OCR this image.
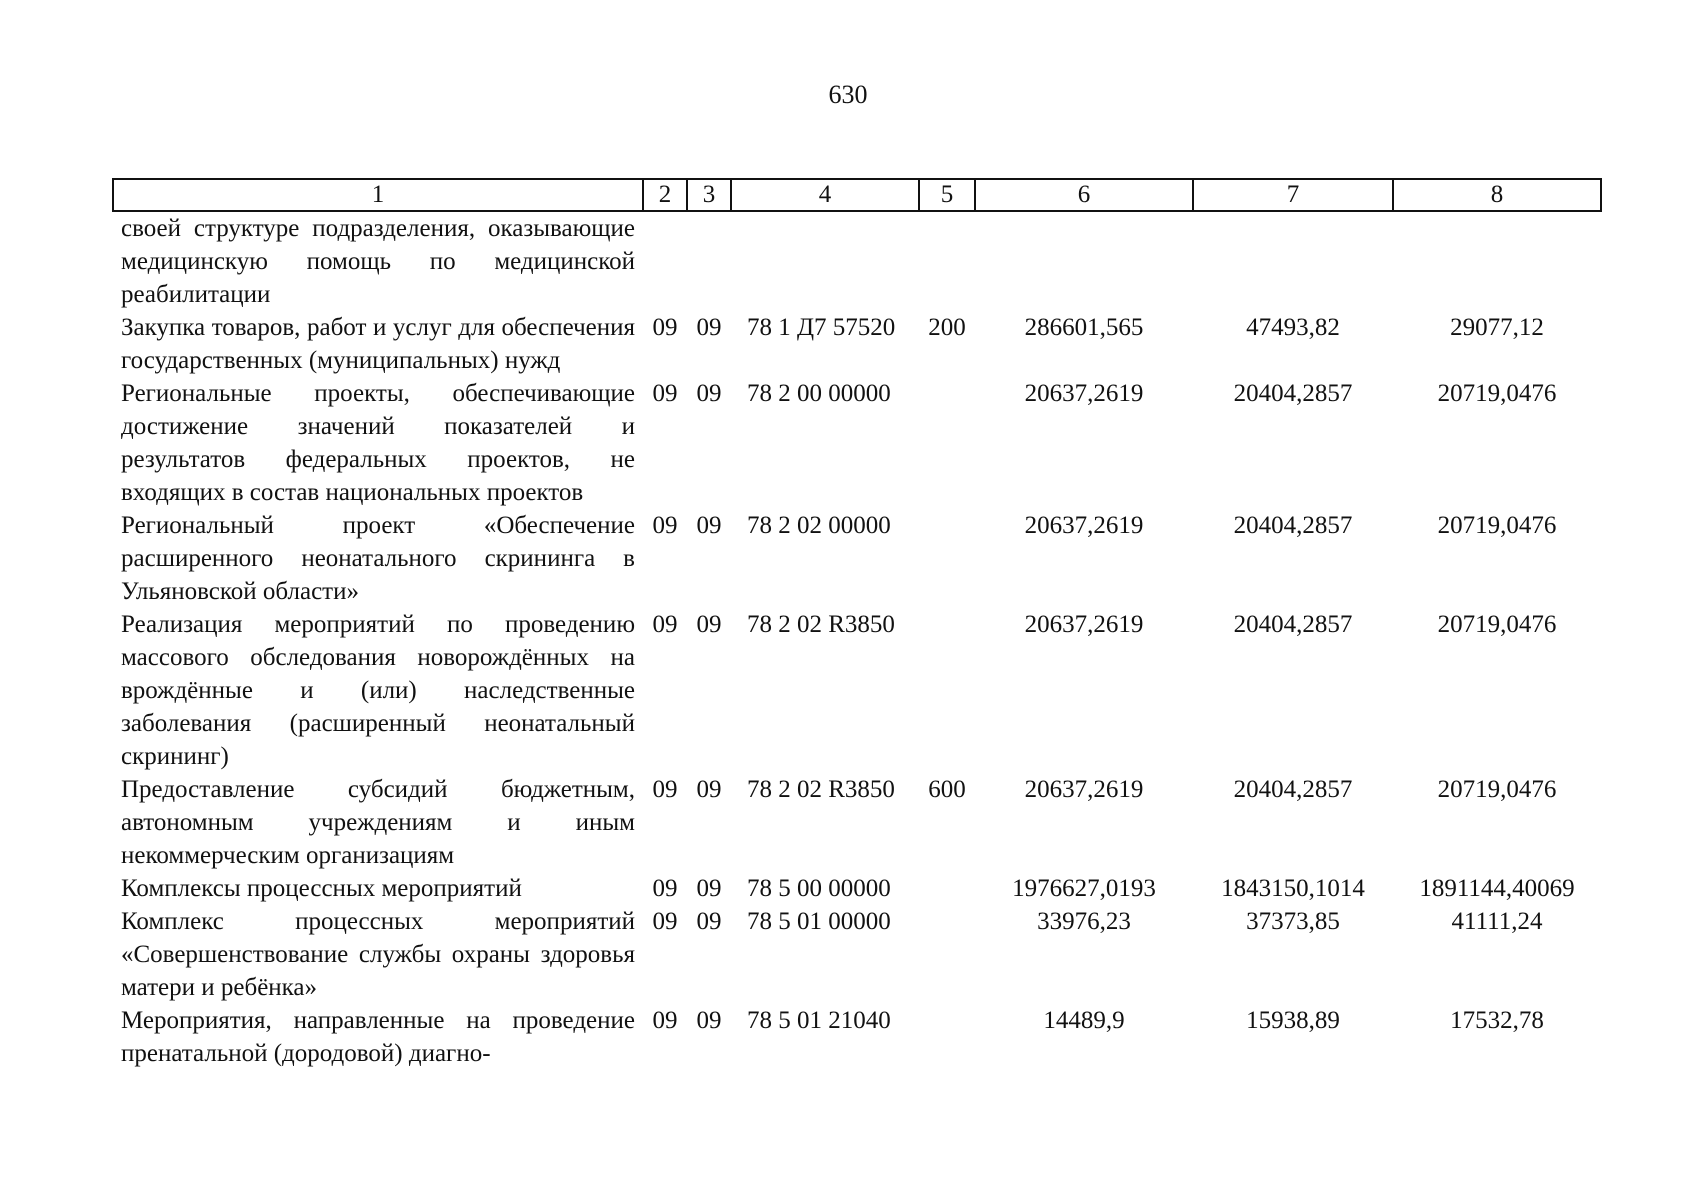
630
1	2	3	4	5	6	7	8
своей структуре подразделения, оказывающие медицинскую помощь по медицинской реабилитации							
Закупка товаров, работ и услуг для обеспечения государственных (муниципальных) нужд	09	09	78 1 Д7 57520	200	286601,565	47493,82	29077,12
Региональные проекты, обеспечивающие достижение значений показателей и результатов федеральных проектов, не входящих в состав национальных проектов	09	09	78 2 00 00000		20637,2619	20404,2857	20719,0476
Региональный проект «Обеспечение расширенного неонатального скрининга в Ульяновской области»	09	09	78 2 02 00000		20637,2619	20404,2857	20719,0476
Реализация мероприятий по проведению массового обследования новорождённых на врождённые и (или) наследственные заболевания (расширенный неонатальный скрининг)	09	09	78 2 02 R3850		20637,2619	20404,2857	20719,0476
Предоставление субсидий бюджетным, автономным учреждениям и иным некоммерческим организациям	09	09	78 2 02 R3850	600	20637,2619	20404,2857	20719,0476
Комплексы процессных мероприятий	09	09	78 5 00 00000		1976627,0193	1843150,1014	1891144,40069
Комплекс процессных мероприятий «Совершенствование службы охраны здоровья матери и ребёнка»	09	09	78 5 01 00000		33976,23	37373,85	41111,24
Мероприятия, направленные на проведение пренатальной (дородовой) диагно-	09	09	78 5 01 21040		14489,9	15938,89	17532,78
